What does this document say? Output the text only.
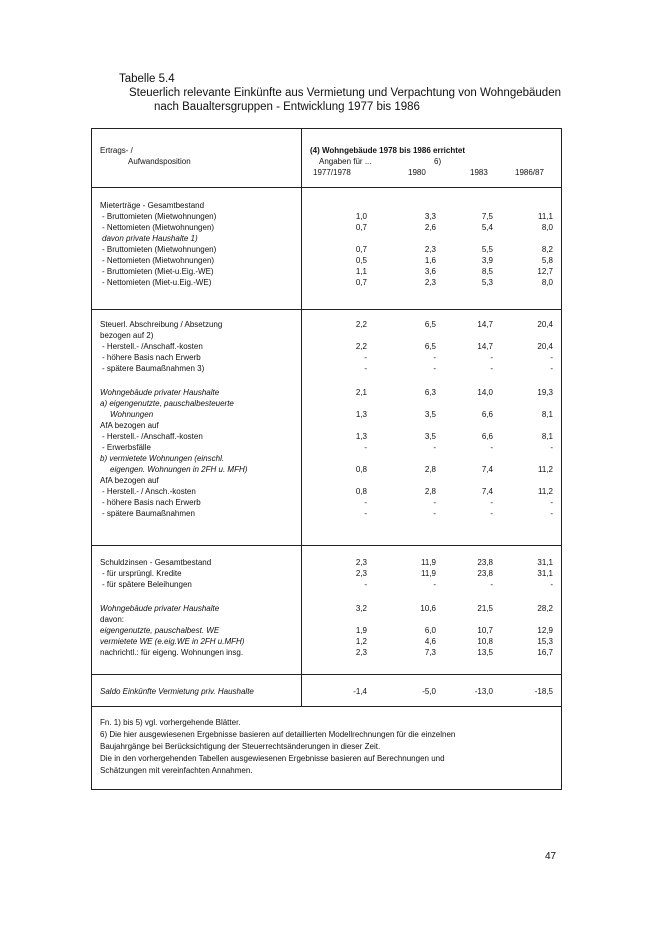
Tabelle 5.4
Steuerlich relevante Einkünfte aus Vermietung und Verpachtung von Wohngebäuden
nach Baualtersgruppen - Entwicklung 1977 bis 1986
Ertrags- /
Aufwandsposition
(4) Wohngebäude 1978 bis 1986 errichtet
Angaben für ...	6)
1977/1978	1980	1983	1986/87
Mieterträge - Gesamtbestand
- Bruttomieten (Mietwohnungen)	1,0	3,3	7,5	11,1
- Nettomieten (Mietwohnungen)	0,7	2,6	5,4	8,0
davon private Haushalte 1)
- Bruttomieten (Mietwohnungen)	0,7	2,3	5,5	8,2
- Nettomieten (Mietwohnungen)	0,5	1,6	3,9	5,8
- Bruttomieten (Miet-u.Eig.-WE)	1,1	3,6	8,5	12,7
- Nettomieten (Miet-u.Eig.-WE)	0,7	2,3	5,3	8,0
Steuerl. Abschreibung / Absetzung	2,2	6,5	14,7	20,4
bezogen auf 2)
- Herstell.- /Anschaff.-kosten	2,2	6,5	14,7	20,4
- höhere Basis nach Erwerb	-	-	-	-
- spätere Baumaßnahmen 3)	-	-	-	-
Wohngebäude privater Haushalte	2,1	6,3	14,0	19,3
a) eigengenutzte, pauschalbesteuerte
Wohnungen	1,3	3,5	6,6	8,1
AfA bezogen auf
- Herstell.- /Anschaff.-kosten	1,3	3,5	6,6	8,1
- Erwerbsfälle	-	-	-	-
b) vermietete Wohnungen (einschl.
eigengen. Wohnungen in 2FH u. MFH)	0,8	2,8	7,4	11,2
AfA bezogen auf
- Herstell.- / Ansch.-kosten	0,8	2,8	7,4	11,2
- höhere Basis nach Erwerb	-	-	-	-
- spätere Baumaßnahmen	-	-	-	-
Schuldzinsen - Gesamtbestand	2,3	11,9	23,8	31,1
- für ursprüngl. Kredite	2,3	11,9	23,8	31,1
- für spätere Beleihungen	-	-	-	-
Wohngebäude privater Haushalte	3,2	10,6	21,5	28,2
davon:
eigengenutzte, pauschalbest. WE	1,9	6,0	10,7	12,9
vermietete WE (e.eig.WE in 2FH u.MFH)	1,2	4,6	10,8	15,3
nachrichtl.: für eigeng. Wohnungen insg.	2,3	7,3	13,5	16,7
Saldo Einkünfte Vermietung priv. Haushalte	-1,4	-5,0	-13,0	-18,5
Fn. 1) bis 5) vgl. vorhergehende Blätter.
6) Die hier ausgewiesenen Ergebnisse basieren auf detaillierten Modellrechnungen für die einzelnen
Baujahrgänge bei Berücksichtigung der Steuerrechtsänderungen in dieser Zeit.
Die in den vorhergehenden Tabellen ausgewiesenen Ergebnisse basieren auf Berechnungen und
Schätzungen mit vereinfachten Annahmen.
47
